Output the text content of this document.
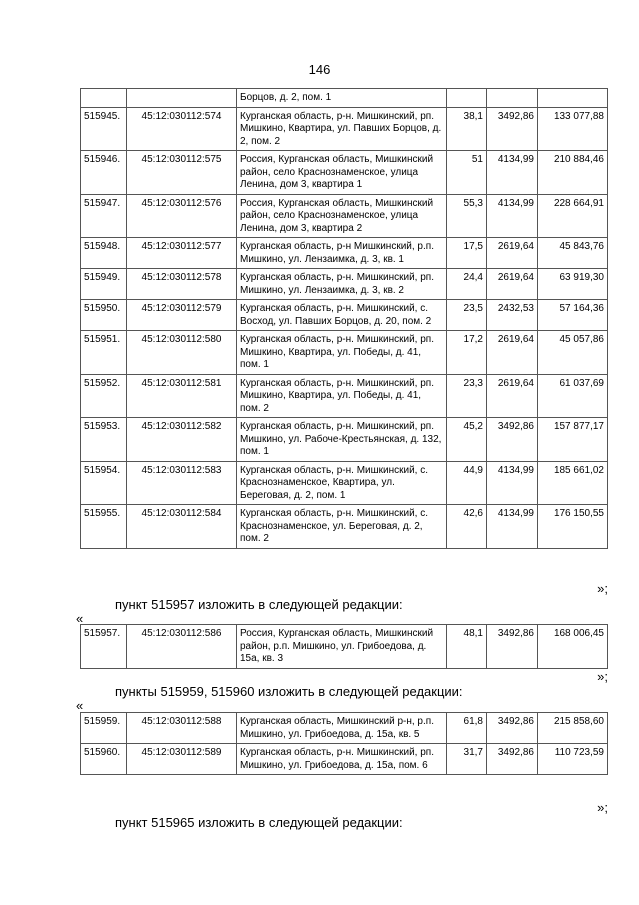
146
		Борцов, д. 2, пом. 1			
515945.	45:12:030112:574	Курганская область, р-н. Мишкинский, рп. Мишкино, Квартира, ул. Павших Борцов, д. 2, пом. 2	38,1	3492,86	133 077,88
515946.	45:12:030112:575	Россия, Курганская область, Мишкинский район, село Краснознаменское, улица Ленина, дом 3, квартира 1	51	4134,99	210 884,46
515947.	45:12:030112:576	Россия, Курганская область, Мишкинский район, село Краснознаменское, улица Ленина, дом 3, квартира 2	55,3	4134,99	228 664,91
515948.	45:12:030112:577	Курганская область, р-н Мишкинский, р.п. Мишкино, ул. Лензаимка, д. 3, кв. 1	17,5	2619,64	45 843,76
515949.	45:12:030112:578	Курганская область, р-н. Мишкинский, рп. Мишкино, ул. Лензаимка, д. 3, кв. 2	24,4	2619,64	63 919,30
515950.	45:12:030112:579	Курганская область, р-н. Мишкинский, с. Восход, ул. Павших Борцов, д. 20, пом. 2	23,5	2432,53	57 164,36
515951.	45:12:030112:580	Курганская область, р-н. Мишкинский, рп. Мишкино, Квартира, ул. Победы, д. 41, пом. 1	17,2	2619,64	45 057,86
515952.	45:12:030112:581	Курганская область, р-н. Мишкинский, рп. Мишкино, Квартира, ул. Победы, д. 41, пом. 2	23,3	2619,64	61 037,69
515953.	45:12:030112:582	Курганская область, р-н. Мишкинский, рп. Мишкино, ул. Рабоче-Крестьянская, д. 132, пом. 1	45,2	3492,86	157 877,17
515954.	45:12:030112:583	Курганская область, р-н. Мишкинский, с. Краснознаменское, Квартира, ул. Береговая, д. 2, пом. 1	44,9	4134,99	185 661,02
515955.	45:12:030112:584	Курганская область, р-н. Мишкинский, с. Краснознаменское, ул. Береговая, д. 2, пом. 2	42,6	4134,99	176 150,55
»;
пункт 515957 изложить в следующей редакции:
«
515957.	45:12:030112:586	Россия, Курганская область, Мишкинский район, р.п. Мишкино, ул. Грибоедова, д. 15а, кв. 3	48,1	3492,86	168 006,45
»;
пункты 515959, 515960 изложить в следующей редакции:
«
515959.	45:12:030112:588	Курганская область, Мишкинский р-н, р.п. Мишкино, ул. Грибоедова, д. 15а, кв. 5	61,8	3492,86	215 858,60
515960.	45:12:030112:589	Курганская область, р-н. Мишкинский, рп. Мишкино, ул. Грибоедова, д. 15а, пом. 6	31,7	3492,86	110 723,59
»;
пункт 515965 изложить в следующей редакции:
